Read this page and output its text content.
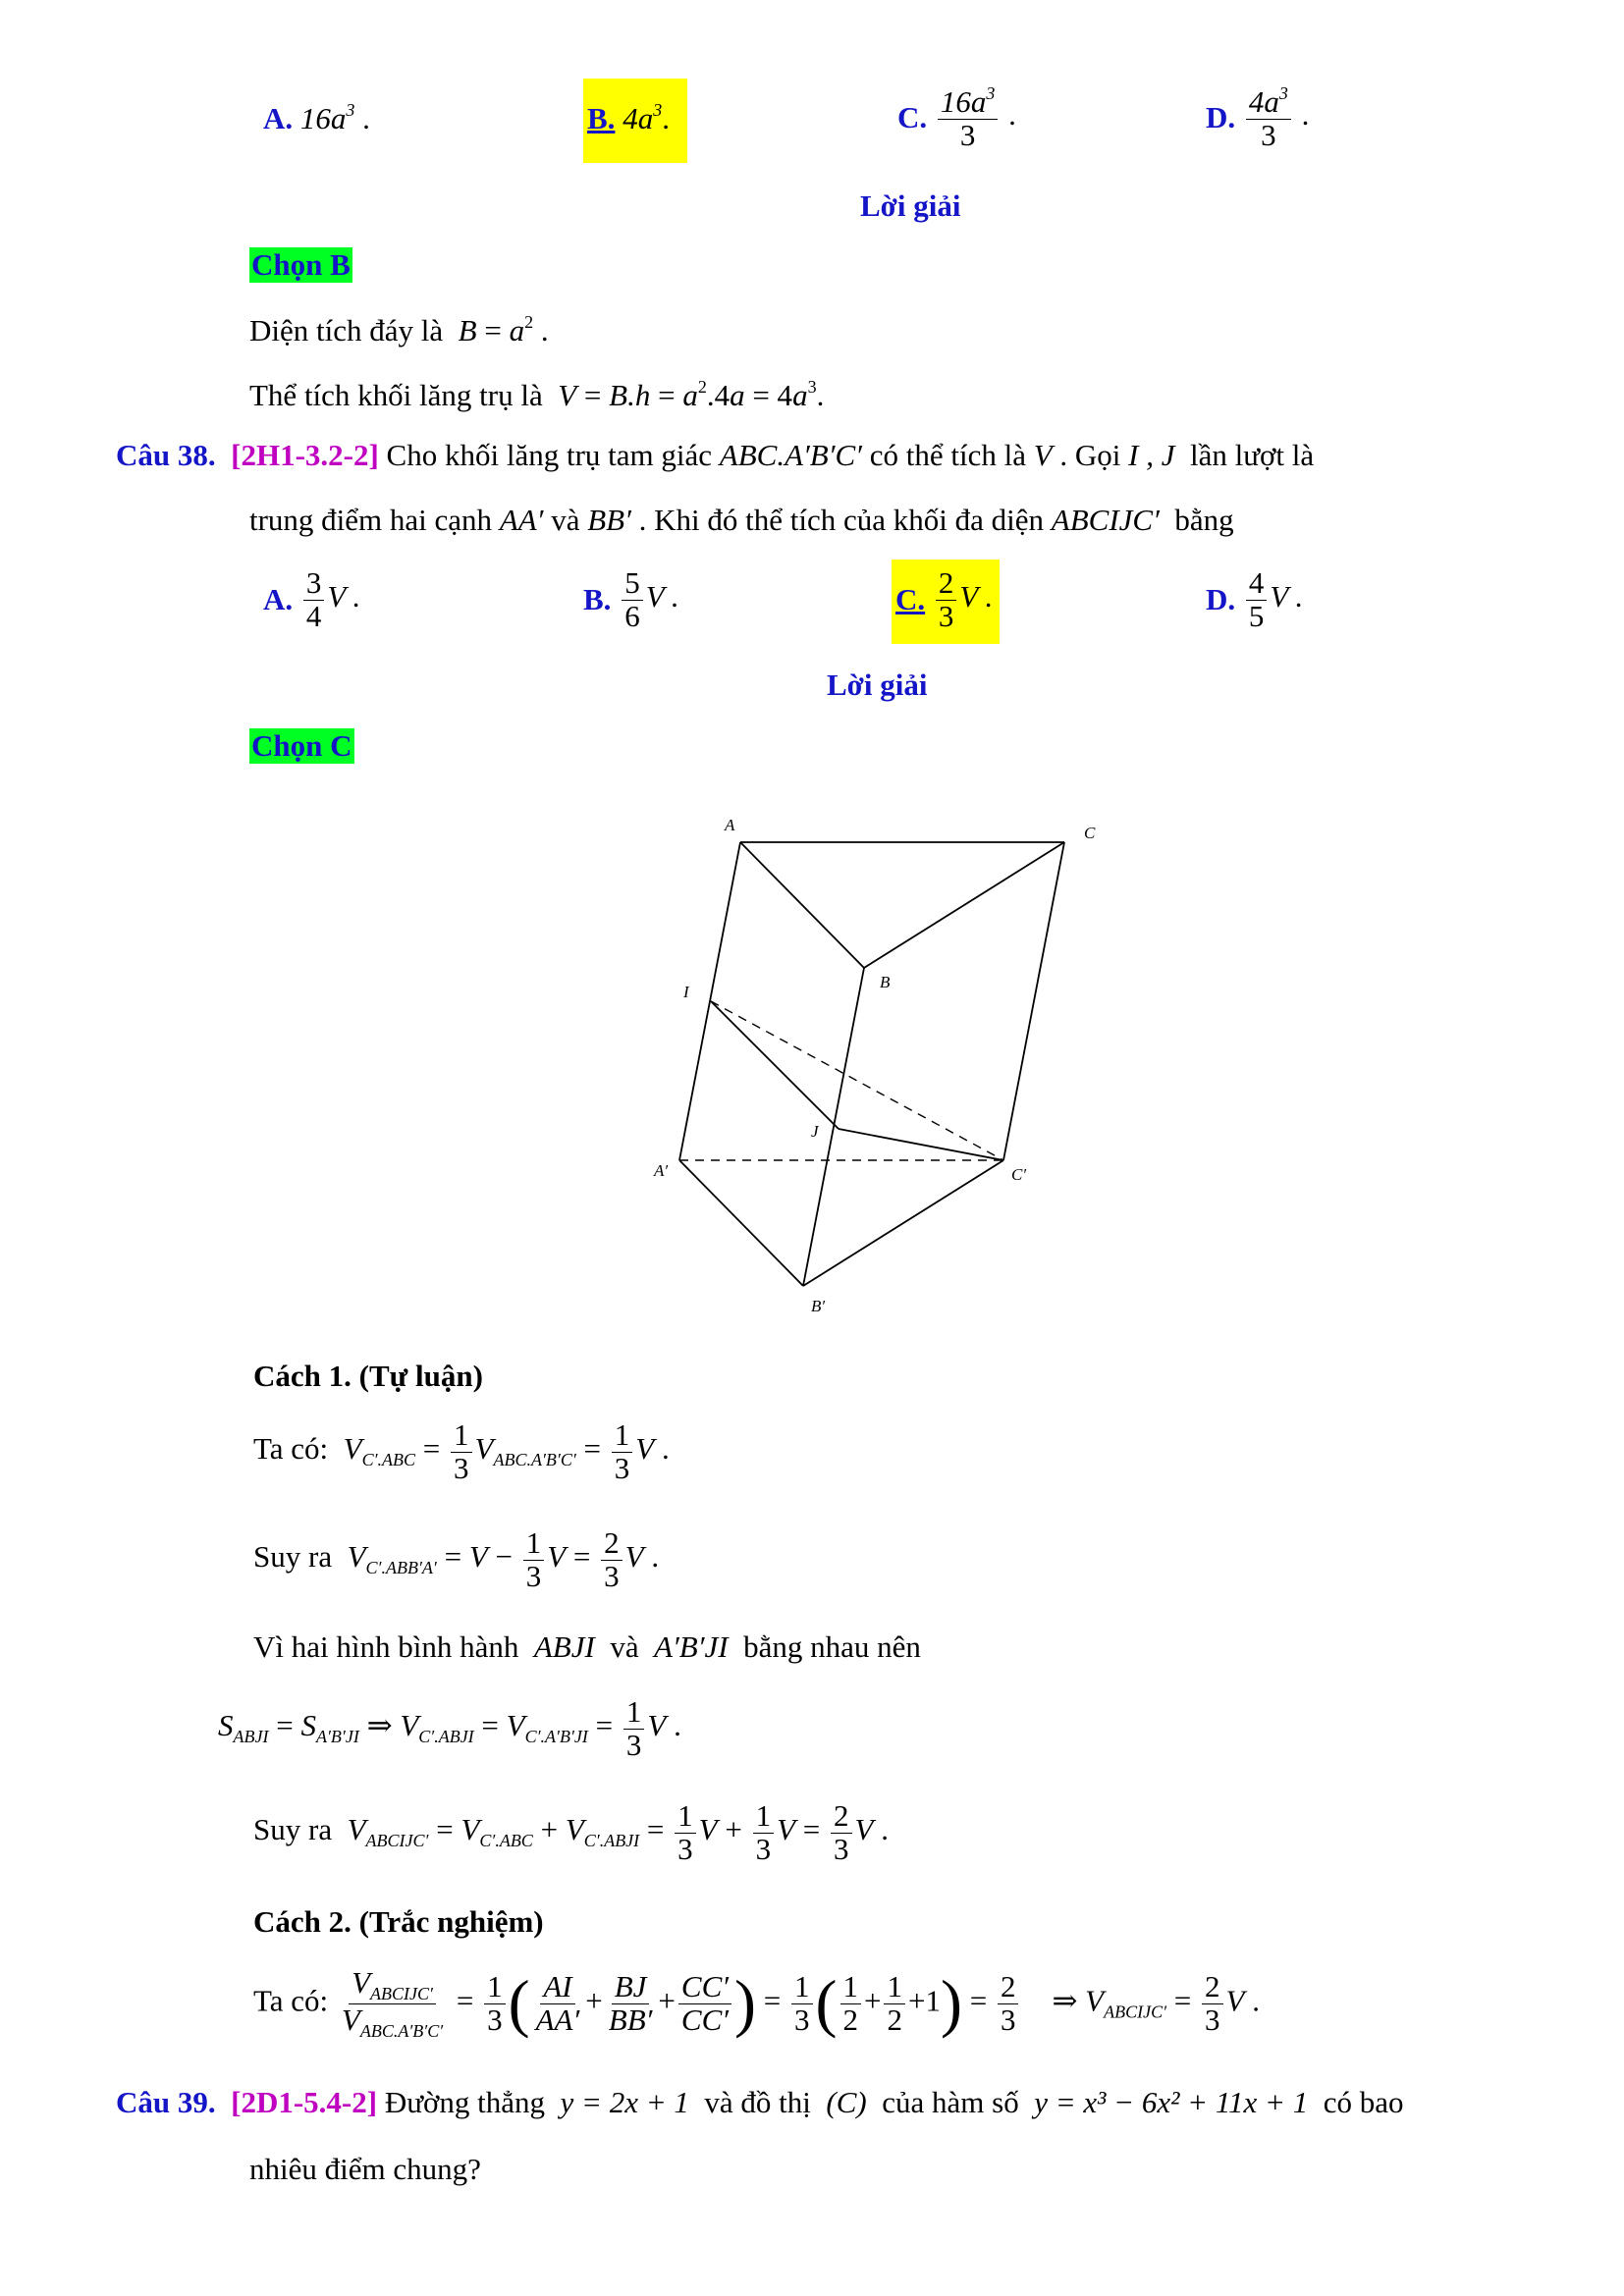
A. $16a^3$ .	B. $4a^3$.	C. $\frac{16a^3}{3}$ .	D. $\frac{4a^3}{3}$ .
Lời giải
Chọn B
Diện tích đáy là  $B = a^2$ .
Thể tích khối lăng trụ là  $V = B.h = a^2.4a = 4a^3$.
Câu 38. [2H1-3.2-2] Cho khối lăng trụ tam giác ABC.A′B′C′ có thể tích là V . Gọi I , J lần lượt là
trung điểm hai cạnh AA′ và BB′ . Khi đó thể tích của khối đa diện ABCIJC′ bằng
A. $\frac{3}{4}$ V .	B. $\frac{5}{6}$ V .	C. $\frac{2}{3}$ V .	D. $\frac{4}{5}$ V .
Lời giải
Chọn C
A	C
B
I
J
A′	C′
B′
Cách 1. (Tự luận)
Ta có:  $V_{C'.ABC} = \frac{1}{3} V_{ABC.A'B'C'} = \frac{1}{3}$ V .
Suy ra  $V_{C'.ABB'A'} = V - \frac{1}{3}$ $V = \frac{2}{3}$ V .
Vì hai hình bình hành ABJI và A′B′JI bằng nhau nên
$S_{ABJI} = S_{A'B'JI}$ ⇒ $V_{C'.ABJI} = V_{C'.A'B'JI} = \frac{1}{3}$ V .
Suy ra  $V_{ABCIJC'} = V_{C'.ABC} + V_{C'.ABJI} = \frac{1}{3}$ $V + \frac{1}{3}$ $V = \frac{2}{3}$ V .
Cách 2. (Trắc nghiệm)
Ta có: $\frac{V_{ABCIJC'}}{V_{ABC.A'B'C'}} = \frac{1}{3}$ ( $\frac{AI}{AA'} + \frac{BJ}{BB'} + \frac{CC'}{CC'}$ ) = $\frac{1}{3}$ ( $\frac{1}{2} + \frac{1}{2} +1) = \frac{2}{3}$ ⇒ $V_{ABCIJC'} = \frac{2}{3}$ V .
Câu 39. [2D1-5.4-2] Đường thẳng y = 2x + 1 và đồ thị (C) của hàm số y = x³ − 6x² + 11x + 1 có bao
nhiêu điểm chung?
